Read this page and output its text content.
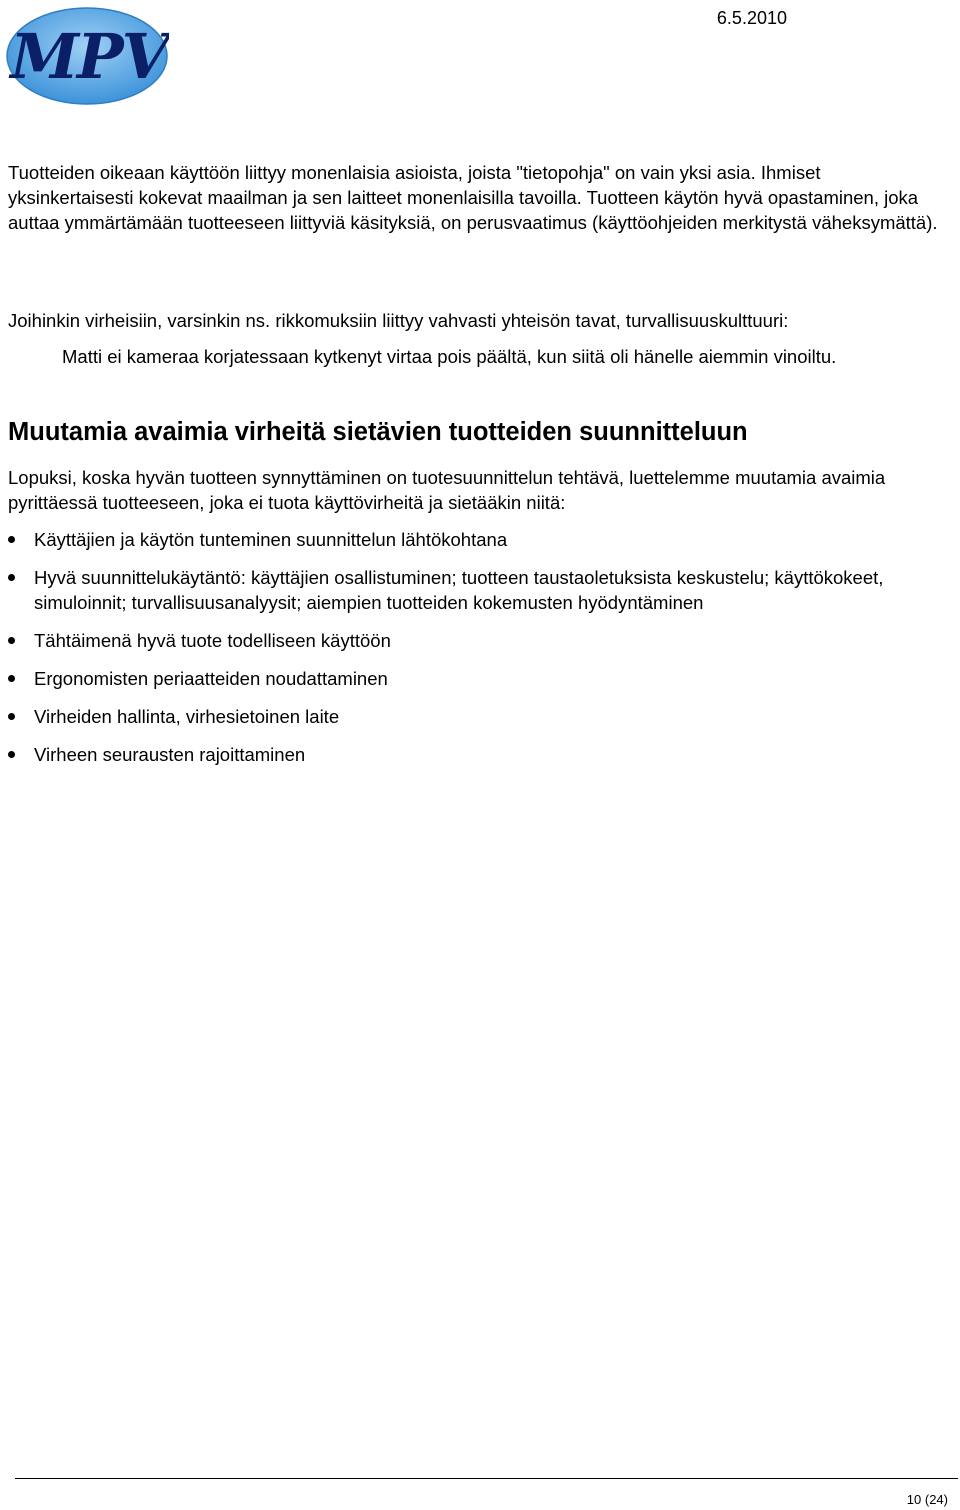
MPV
6.5.2010

Tuotteiden oikeaan käyttöön liittyy monenlaisia asioista, joista "tietopohja" on vain yksi asia. Ihmiset yksinkertaisesti kokevat maailman ja sen laitteet monenlaisilla tavoilla. Tuotteen käytön hyvä opastaminen, joka auttaa ymmärtämään tuotteeseen liittyviä käsityksiä, on perusvaatimus (käyttöohjeiden merkitystä väheksymättä).

Joihinkin virheisiin, varsinkin ns. rikkomuksiin liittyy vahvasti yhteisön tavat, turvallisuuskulttuuri:

Matti ei kameraa korjatessaan kytkenyt virtaa pois päältä, kun siitä oli hänelle aiemmin vinoiltu.

Muutamia avaimia virheitä sietävien tuotteiden suunnitteluun

Lopuksi, koska hyvän tuotteen synnyttäminen on tuotesuunnittelun tehtävä, luettelemme muutamia avaimia pyrittäessä tuotteeseen, joka ei tuota käyttövirheitä ja sietääkin niitä:

Käyttäjien ja käytön tunteminen suunnittelun lähtökohtana
Hyvä suunnittelukäytäntö: käyttäjien osallistuminen; tuotteen taustaoletuksista keskustelu; käyttökokeet, simuloinnit; turvallisuusanalyysit; aiempien tuotteiden kokemusten hyödyntäminen
Tähtäimenä hyvä tuote todelliseen käyttöön
Ergonomisten periaatteiden noudattaminen
Virheiden hallinta, virhesietoinen laite
Virheen seurausten rajoittaminen
10 (24)
